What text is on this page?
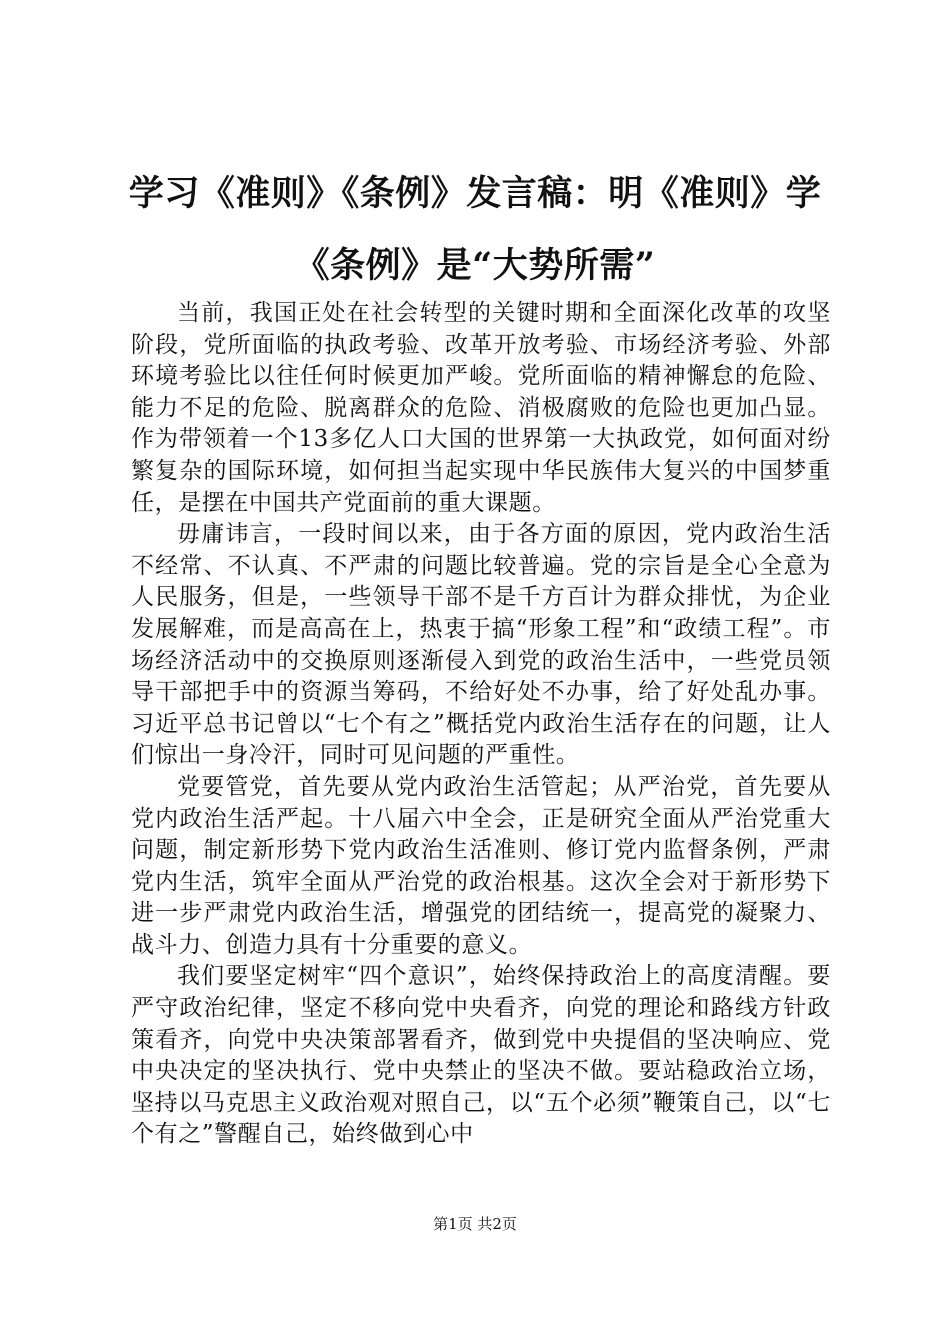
学习《准则》《条例》发言稿：明《准则》学
《条例》是“大势所需”

当前，我国正处在社会转型的关键时期和全面深化改革的攻坚阶段，党所面临的执政考验、改革开放考验、市场经济考验、外部环境考验比以往任何时候更加严峻。党所面临的精神懈怠的危险、能力不足的危险、脱离群众的危险、消极腐败的危险也更加凸显。作为带领着一个13多亿人口大国的世界第一大执政党，如何面对纷繁复杂的国际环境，如何担当起实现中华民族伟大复兴的中国梦重任，是摆在中国共产党面前的重大课题。

毋庸讳言，一段时间以来，由于各方面的原因，党内政治生活不经常、不认真、不严肃的问题比较普遍。党的宗旨是全心全意为人民服务，但是，一些领导干部不是千方百计为群众排忧，为企业发展解难，而是高高在上，热衷于搞“形象工程”和“政绩工程”。市场经济活动中的交换原则逐渐侵入到党的政治生活中，一些党员领导干部把手中的资源当筹码，不给好处不办事，给了好处乱办事。习近平总书记曾以“七个有之”概括党内政治生活存在的问题，让人们惊出一身冷汗，同时可见问题的严重性。

党要管党，首先要从党内政治生活管起；从严治党，首先要从党内政治生活严起。十八届六中全会，正是研究全面从严治党重大问题，制定新形势下党内政治生活准则、修订党内监督条例，严肃党内生活，筑牢全面从严治党的政治根基。这次全会对于新形势下进一步严肃党内政治生活，增强党的团结统一，提高党的凝聚力、战斗力、创造力具有十分重要的意义。

我们要坚定树牢“四个意识”，始终保持政治上的高度清醒。要严守政治纪律，坚定不移向党中央看齐，向党的理论和路线方针政策看齐，向党中央决策部署看齐，做到党中央提倡的坚决响应、党中央决定的坚决执行、党中央禁止的坚决不做。要站稳政治立场，坚持以马克思主义政治观对照自己，以“五个必须”鞭策自己，以“七个有之”警醒自己，始终做到心中

第1页 共2页
